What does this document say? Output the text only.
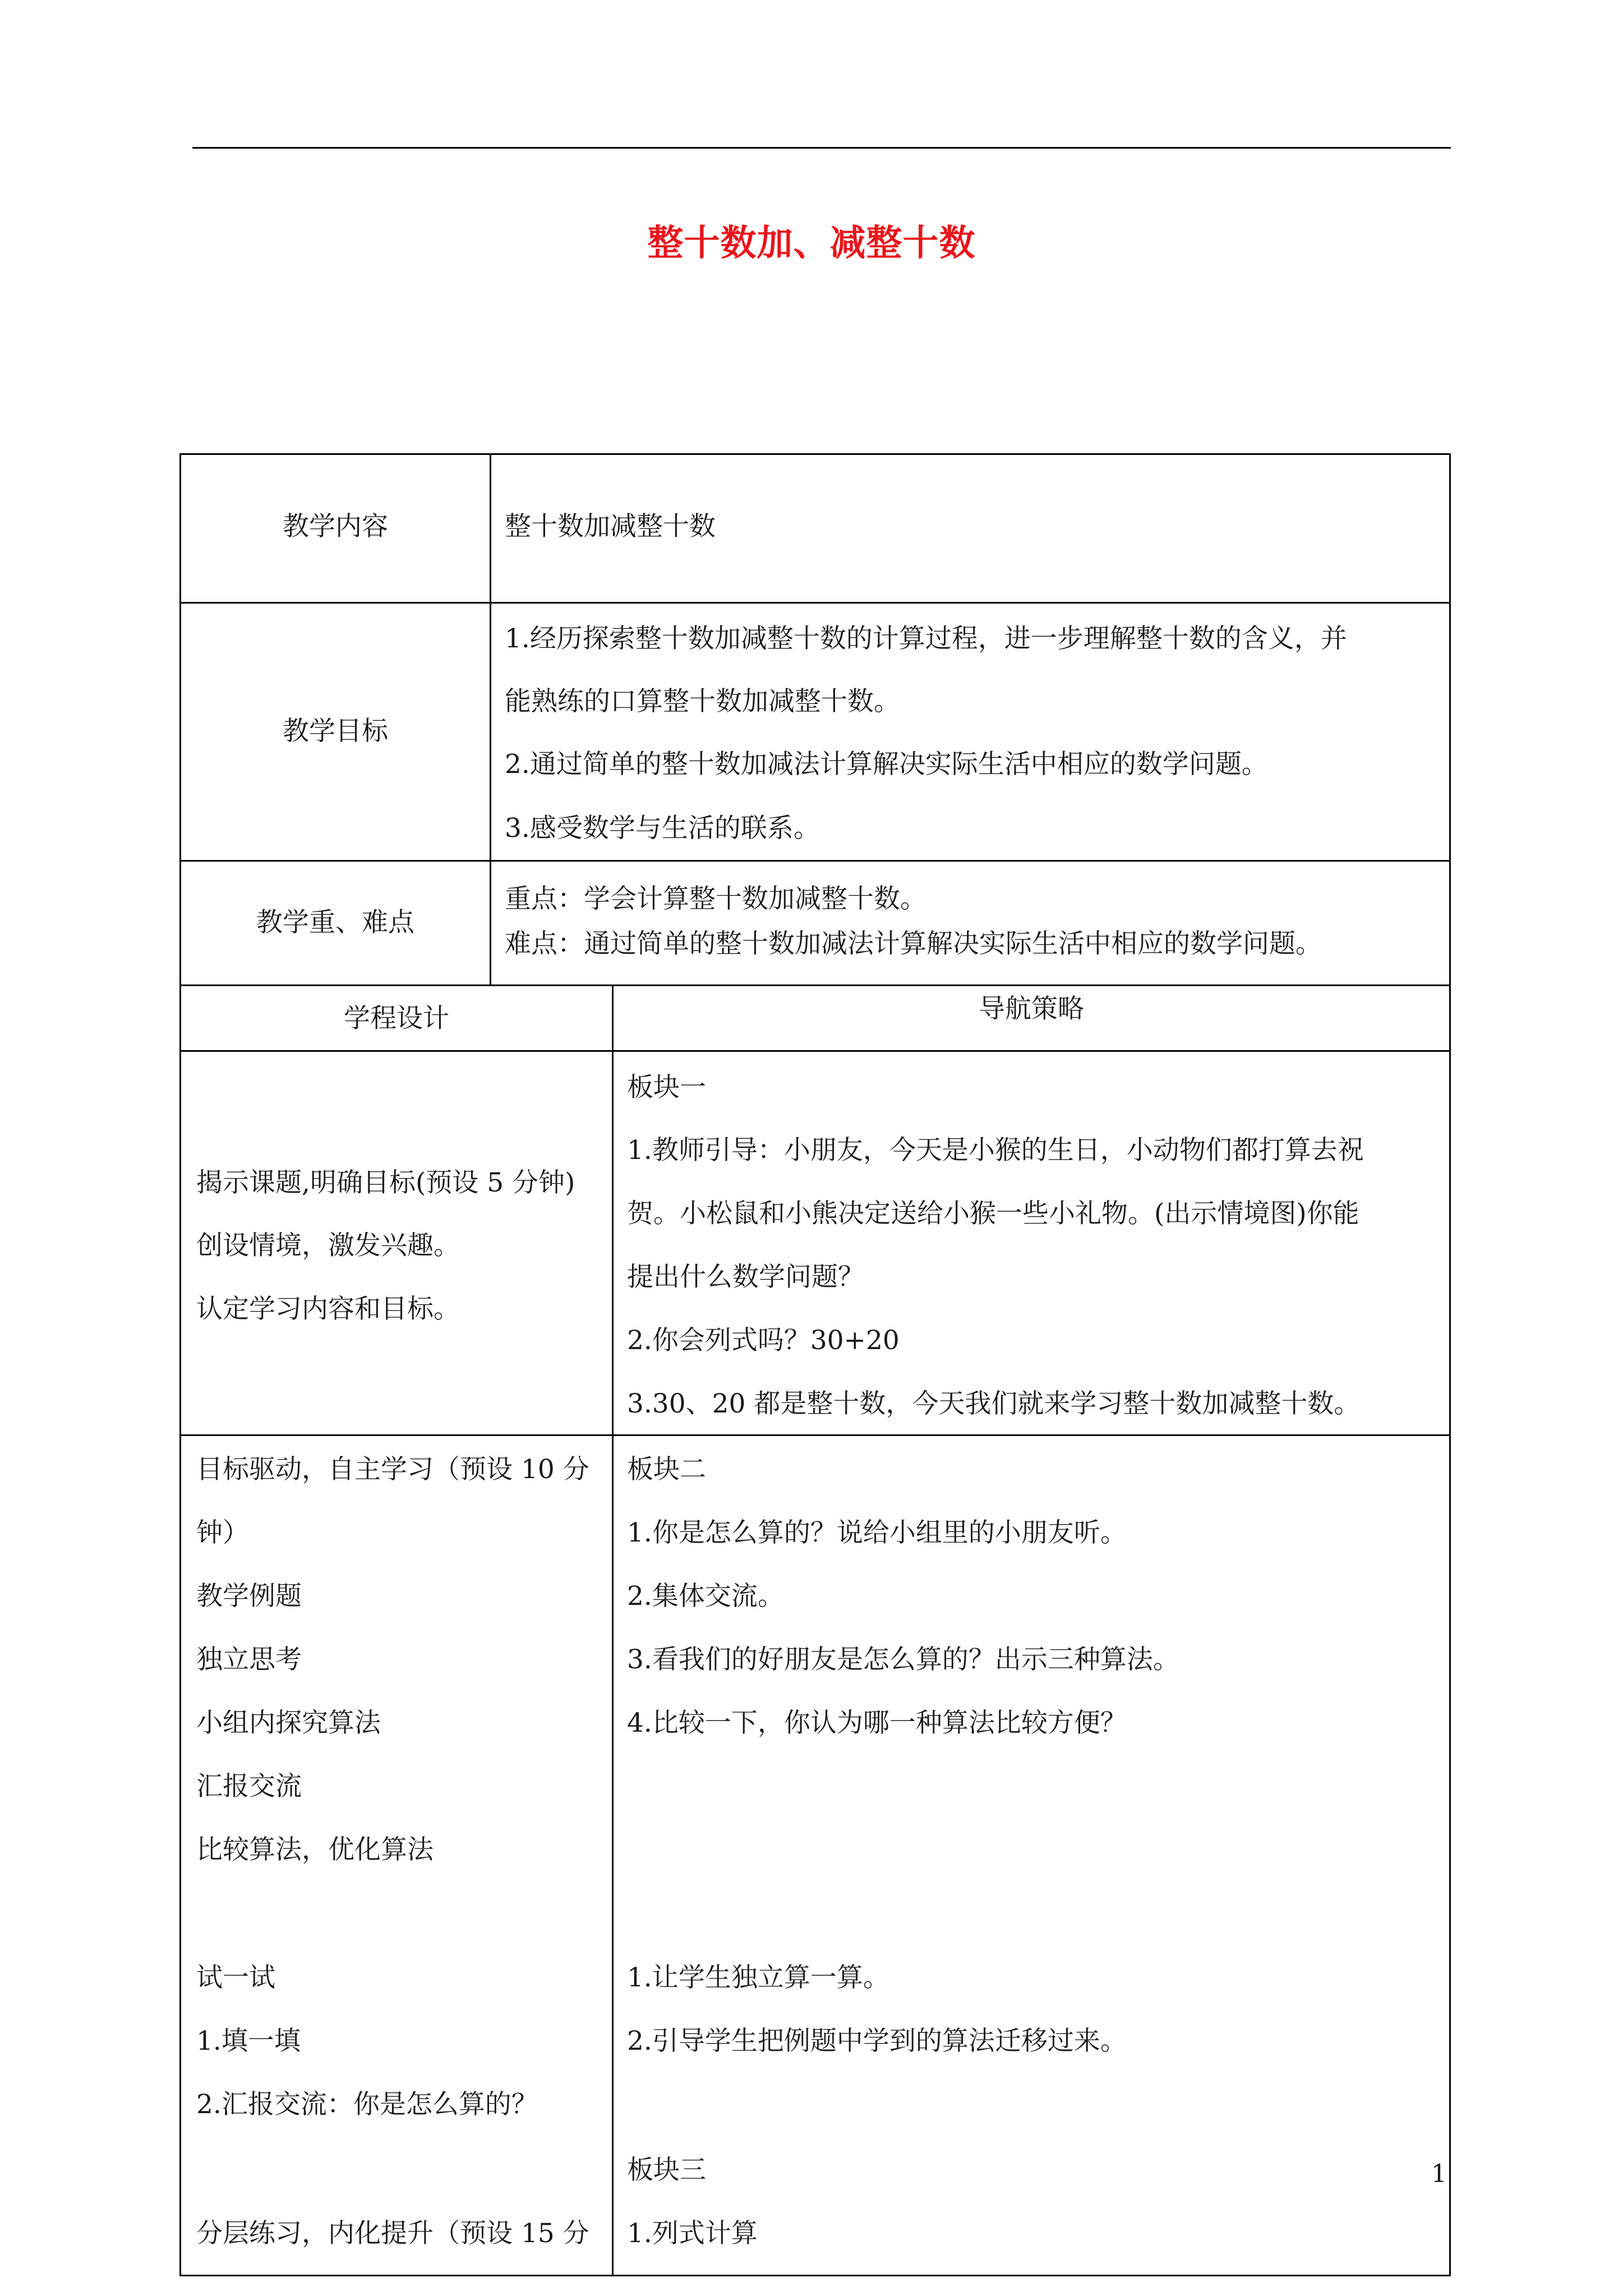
整十数加、减整十数
教学内容	整十数加减整十数
教学目标
1.经历探索整十数加减整十数的计算过程，进一步理解整十数的含义，并
能熟练的口算整十数加减整十数。
2.通过简单的整十数加减法计算解决实际生活中相应的数学问题。
3.感受数学与生活的联系。
教学重、难点
重点：学会计算整十数加减整十数。
难点：通过简单的整十数加减法计算解决实际生活中相应的数学问题。
学程设计	导航策略
揭示课题,明确目标(预设 5 分钟)
创设情境，激发兴趣。
认定学习内容和目标。
板块一
1.教师引导：小朋友，今天是小猴的生日，小动物们都打算去祝
贺。小松鼠和小熊决定送给小猴一些小礼物。(出示情境图)你能
提出什么数学问题？
2.你会列式吗？30+20
3.30、20 都是整十数，今天我们就来学习整十数加减整十数。
目标驱动，自主学习（预设 10 分
钟）
教学例题
独立思考
小组内探究算法
汇报交流
比较算法，优化算法
试一试
1.填一填
2.汇报交流：你是怎么算的？
分层练习，内化提升（预设 15 分
板块二
1.你是怎么算的？说给小组里的小朋友听。
2.集体交流。
3.看我们的好朋友是怎么算的？出示三种算法。
4.比较一下，你认为哪一种算法比较方便？
1.让学生独立算一算。
2.引导学生把例题中学到的算法迁移过来。
板块三
1.列式计算
1
